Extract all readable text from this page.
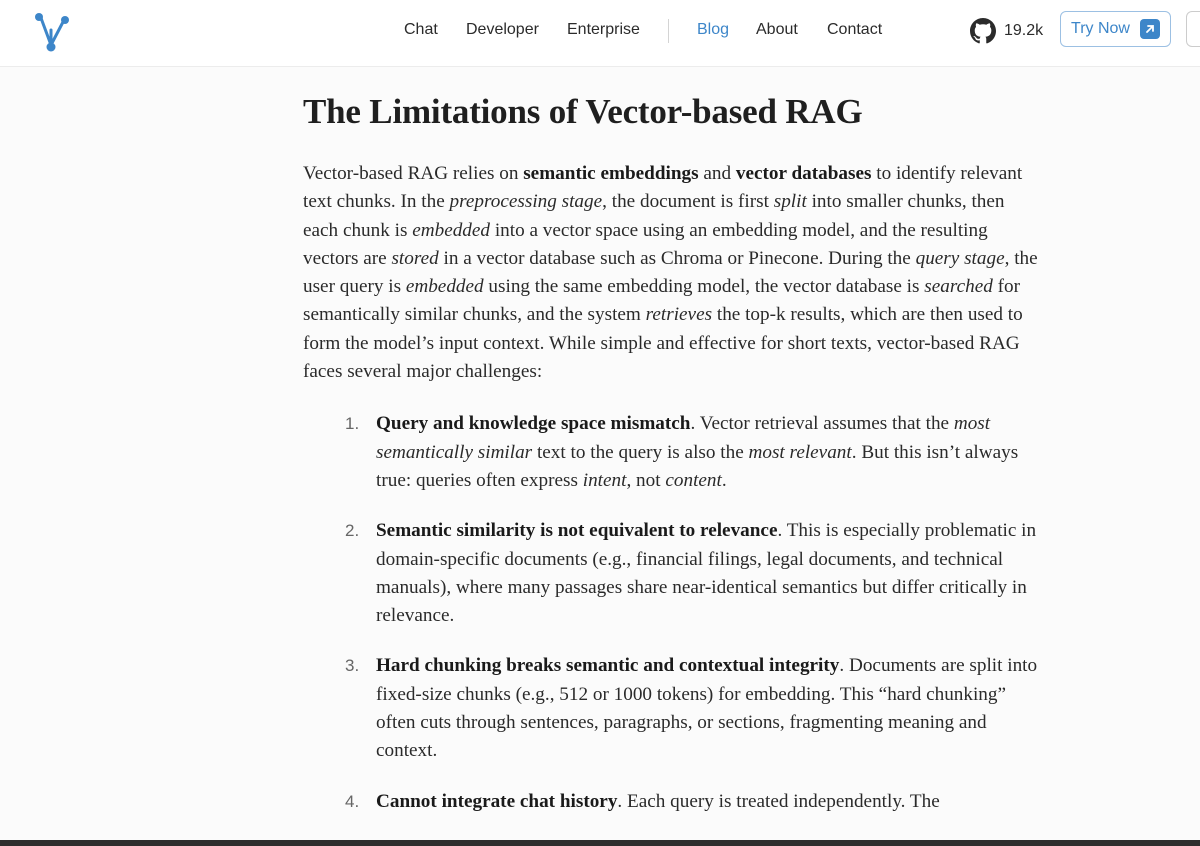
Chat Developer Enterprise	Blog About Contact	19.2k Try Now
The Limitations of Vector-based RAG

Vector-based RAG relies on semantic embeddings and vector databases to identify relevant text chunks. In the preprocessing stage, the document is first split into smaller chunks, then each chunk is embedded into a vector space using an embedding model, and the resulting vectors are stored in a vector database such as Chroma or Pinecone. During the query stage, the user query is embedded using the same embedding model, the vector database is searched for semantically similar chunks, and the system retrieves the top-k results, which are then used to form the model’s input context. While simple and effective for short texts, vector-based RAG faces several major challenges:

1. Query and knowledge space mismatch. Vector retrieval assumes that the most semantically similar text to the query is also the most relevant. But this isn’t always true: queries often express intent, not content.
2. Semantic similarity is not equivalent to relevance. This is especially problematic in domain-specific documents (e.g., financial filings, legal documents, and technical manuals), where many passages share near-identical semantics but differ critically in relevance.
3. Hard chunking breaks semantic and contextual integrity. Documents are split into fixed-size chunks (e.g., 512 or 1000 tokens) for embedding. This “hard chunking” often cuts through sentences, paragraphs, or sections, fragmenting meaning and context.
4. Cannot integrate chat history. Each query is treated independently. The
